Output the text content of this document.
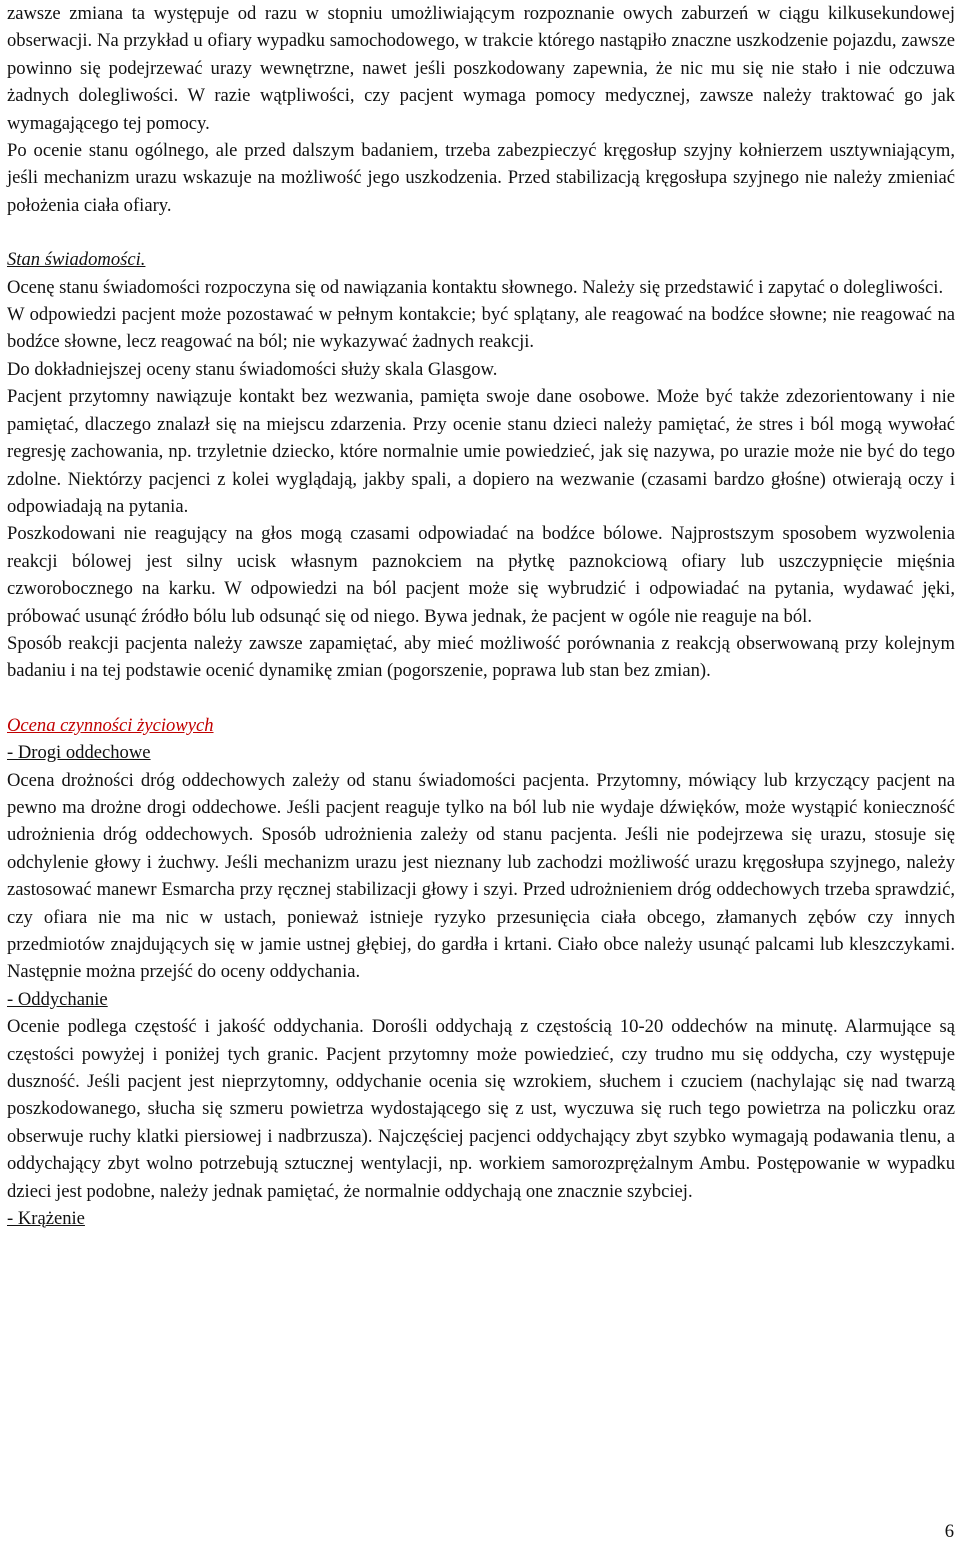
zawsze zmiana ta występuje od razu w stopniu umożliwiającym rozpoznanie owych zaburzeń w ciągu kilkusekundowej obserwacji. Na przykład u ofiary wypadku samochodowego, w trakcie którego nastąpiło znaczne uszkodzenie pojazdu, zawsze powinno się podejrzewać urazy wewnętrzne, nawet jeśli poszkodowany zapewnia, że nic mu się nie stało i nie odczuwa żadnych dolegliwości. W razie wątpliwości, czy pacjent wymaga pomocy medycznej, zawsze należy traktować go jak wymagającego tej pomocy.

Po ocenie stanu ogólnego, ale przed dalszym badaniem, trzeba zabezpieczyć kręgosłup szyjny kołnierzem usztywniającym, jeśli mechanizm urazu wskazuje na możliwość jego uszkodzenia. Przed stabilizacją kręgosłupa szyjnego nie należy zmieniać położenia ciała ofiary.

Stan świadomości.

Ocenę stanu świadomości rozpoczyna się od nawiązania kontaktu słownego. Należy się przedstawić i zapytać o dolegliwości.

W odpowiedzi pacjent może pozostawać w pełnym kontakcie; być splątany, ale reagować na bodźce słowne; nie reagować na bodźce słowne, lecz reagować na ból; nie wykazywać żadnych reakcji.

Do dokładniejszej oceny stanu świadomości służy skala Glasgow.

Pacjent przytomny nawiązuje kontakt bez wezwania, pamięta swoje dane osobowe. Może być także zdezorientowany i nie pamiętać, dlaczego znalazł się na miejscu zdarzenia. Przy ocenie stanu dzieci należy pamiętać, że stres i ból mogą wywołać regresję zachowania, np. trzyletnie dziecko, które normalnie umie powiedzieć, jak się nazywa, po urazie może nie być do tego zdolne. Niektórzy pacjenci z kolei wyglądają, jakby spali, a dopiero na wezwanie (czasami bardzo głośne) otwierają oczy i odpowiadają na pytania.

Poszkodowani nie reagujący na głos mogą czasami odpowiadać na bodźce bólowe. Najprostszym sposobem wyzwolenia reakcji bólowej jest silny ucisk własnym paznokciem na płytkę paznokciową ofiary lub uszczypnięcie mięśnia czworobocznego na karku. W odpowiedzi na ból pacjent może się wybrudzić i odpowiadać na pytania, wydawać jęki, próbować usunąć źródło bólu lub odsunąć się od niego. Bywa jednak, że pacjent w ogóle nie reaguje na ból.

Sposób reakcji pacjenta należy zawsze zapamiętać, aby mieć możliwość porównania z reakcją obserwowaną przy kolejnym badaniu i na tej podstawie ocenić dynamikę zmian (pogorszenie, poprawa lub stan bez zmian).

Ocena czynności życiowych

- Drogi oddechowe

Ocena drożności dróg oddechowych zależy od stanu świadomości pacjenta. Przytomny, mówiący lub krzyczący pacjent na pewno ma drożne drogi oddechowe. Jeśli pacjent reaguje tylko na ból lub nie wydaje dźwięków, może wystąpić konieczność udrożnienia dróg oddechowych. Sposób udrożnienia zależy od stanu pacjenta. Jeśli nie podejrzewa się urazu, stosuje się odchylenie głowy i żuchwy. Jeśli mechanizm urazu jest nieznany lub zachodzi możliwość urazu kręgosłupa szyjnego, należy zastosować manewr Esmarcha przy ręcznej stabilizacji głowy i szyi. Przed udrożnieniem dróg oddechowych trzeba sprawdzić, czy ofiara nie ma nic w ustach, ponieważ istnieje ryzyko przesunięcia ciała obcego, złamanych zębów czy innych przedmiotów znajdujących się w jamie ustnej głębiej, do gardła i krtani. Ciało obce należy usunąć palcami lub kleszczykami. Następnie można przejść do oceny oddychania.

- Oddychanie

Ocenie podlega częstość i jakość oddychania. Dorośli oddychają z częstością 10-20 oddechów na minutę. Alarmujące są częstości powyżej i poniżej tych granic. Pacjent przytomny może powiedzieć, czy trudno mu się oddycha, czy występuje duszność. Jeśli pacjent jest nieprzytomny, oddychanie ocenia się wzrokiem, słuchem i czuciem (nachylając się nad twarzą poszkodowanego, słucha się szmeru powietrza wydostającego się z ust, wyczuwa się ruch tego powietrza na policzku oraz obserwuje ruchy klatki piersiowej i nadbrzusza). Najczęściej pacjenci oddychający zbyt szybko wymagają podawania tlenu, a oddychający zbyt wolno potrzebują sztucznej wentylacji, np. workiem samorozprężalnym Ambu. Postępowanie w wypadku dzieci jest podobne, należy jednak pamiętać, że normalnie oddychają one znacznie szybciej.

- Krążenie

6
